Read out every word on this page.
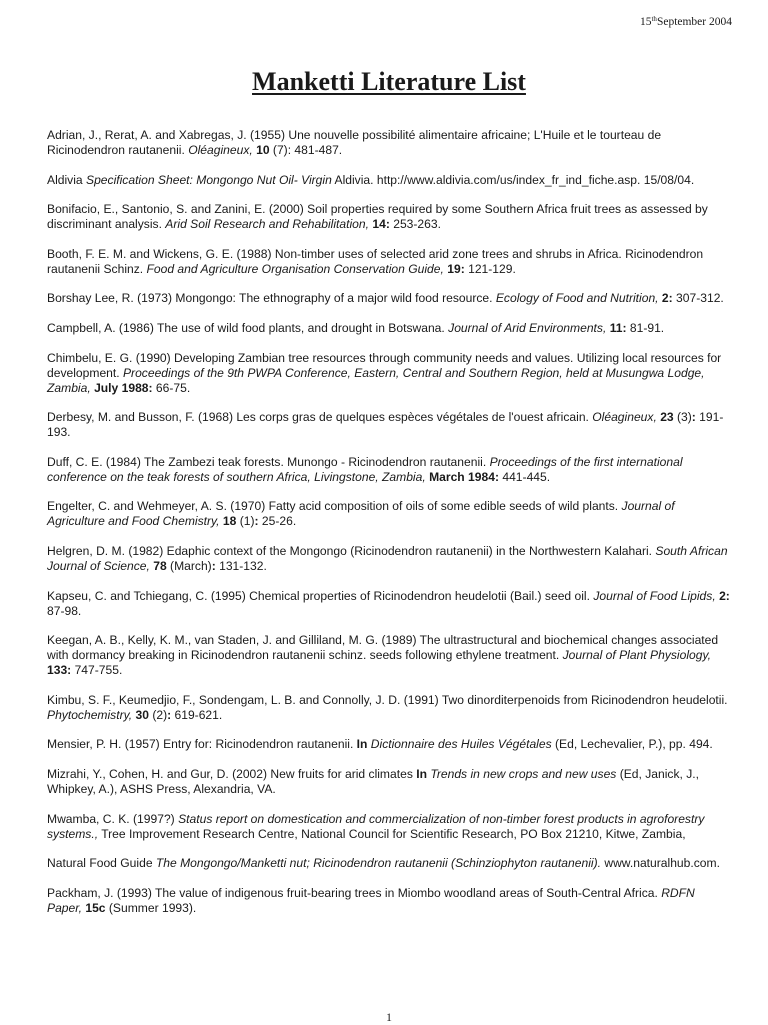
15thSeptember 2004
Manketti Literature List

Adrian, J., Rerat, A. and Xabregas, J. (1955) Une nouvelle possibilité alimentaire africaine; L'Huile et le tourteau de Ricinodendron rautanenii. Oléagineux, 10 (7): 481-487.

Aldivia Specification Sheet: Mongongo Nut Oil- Virgin Aldivia. http://www.aldivia.com/us/index_fr_ind_fiche.asp. 15/08/04.

Bonifacio, E., Santonio, S. and Zanini, E. (2000) Soil properties required by some Southern Africa fruit trees as assessed by discriminant analysis. Arid Soil Research and Rehabilitation, 14: 253-263.

Booth, F. E. M. and Wickens, G. E. (1988) Non-timber uses of selected arid zone trees and shrubs in Africa. Ricinodendron rautanenii Schinz. Food and Agriculture Organisation Conservation Guide, 19: 121-129.

Borshay Lee, R. (1973) Mongongo: The ethnography of a major wild food resource. Ecology of Food and Nutrition, 2: 307-312.

Campbell, A. (1986) The use of wild food plants, and drought in Botswana. Journal of Arid Environments, 11: 81-91.

Chimbelu, E. G. (1990) Developing Zambian tree resources through community needs and values. Utilizing local resources for development. Proceedings of the 9th PWPA Conference, Eastern, Central and Southern Region, held at Musungwa Lodge, Zambia, July 1988: 66-75.

Derbesy, M. and Busson, F. (1968) Les corps gras de quelques espèces végétales de l'ouest africain. Oléagineux, 23 (3): 191-193.

Duff, C. E. (1984) The Zambezi teak forests. Munongo - Ricinodendron rautanenii. Proceedings of the first international conference on the teak forests of southern Africa, Livingstone, Zambia, March 1984: 441-445.

Engelter, C. and Wehmeyer, A. S. (1970) Fatty acid composition of oils of some edible seeds of wild plants. Journal of Agriculture and Food Chemistry, 18 (1): 25-26.

Helgren, D. M. (1982) Edaphic context of the Mongongo (Ricinodendron rautanenii) in the Northwestern Kalahari. South African Journal of Science, 78 (March): 131-132.

Kapseu, C. and Tchiegang, C. (1995) Chemical properties of Ricinodendron heudelotii (Bail.) seed oil. Journal of Food Lipids, 2: 87-98.

Keegan, A. B., Kelly, K. M., van Staden, J. and Gilliland, M. G. (1989) The ultrastructural and biochemical changes associated with dormancy breaking in Ricinodendron rautanenii schinz. seeds following ethylene treatment. Journal of Plant Physiology, 133: 747-755.

Kimbu, S. F., Keumedjio, F., Sondengam, L. B. and Connolly, J. D. (1991) Two dinorditerpenoids from Ricinodendron heudelotii. Phytochemistry, 30 (2): 619-621.

Mensier, P. H. (1957) Entry for: Ricinodendron rautanenii. In Dictionnaire des Huiles Végétales (Ed, Lechevalier, P.), pp. 494.

Mizrahi, Y., Cohen, H. and Gur, D. (2002) New fruits for arid climates In Trends in new crops and new uses (Ed, Janick, J., Whipkey, A.), ASHS Press, Alexandria, VA.

Mwamba, C. K. (1997?) Status report on domestication and commercialization of non-timber forest products in agroforestry systems., Tree Improvement Research Centre, National Council for Scientific Research, PO Box 21210, Kitwe, Zambia,

Natural Food Guide The Mongongo/Manketti nut; Ricinodendron rautanenii (Schinziophyton rautanenii). www.naturalhub.com.

Packham, J. (1993) The value of indigenous fruit-bearing trees in Miombo woodland areas of South-Central Africa. RDFN Paper, 15c (Summer 1993).

1
